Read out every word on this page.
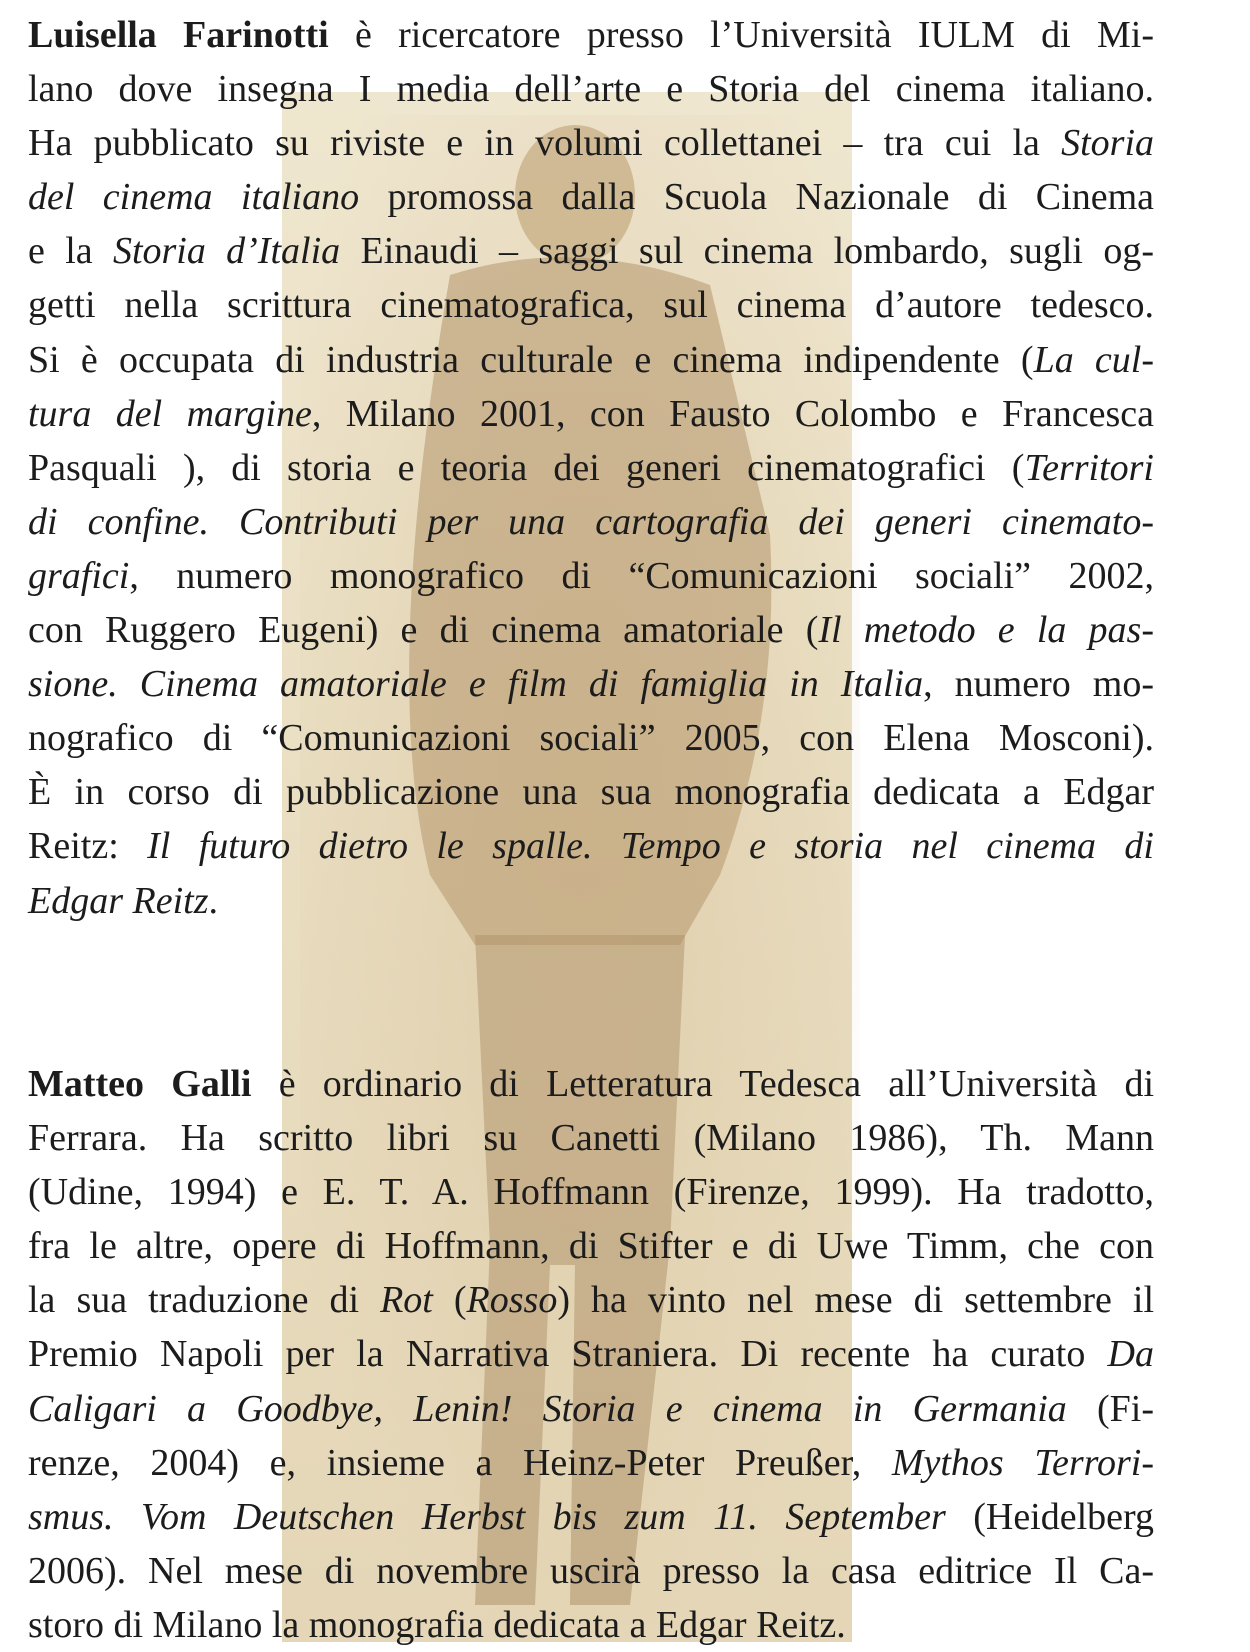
Luisella Farinotti è ricercatore presso l’Università IULM di Mi-

lano dove insegna I media dell’arte e Storia del cinema italiano.

Ha pubblicato su riviste e in volumi collettanei – tra cui la Storia

del cinema italiano promossa dalla Scuola Nazionale di Cinema

e la Storia d’Italia Einaudi – saggi sul cinema lombardo, sugli og-

getti nella scrittura cinematografica, sul cinema d’autore tedesco.

Si è occupata di industria culturale e cinema indipendente (La cul-

tura del margine, Milano 2001, con Fausto Colombo e Francesca

Pasquali ), di storia e teoria dei generi cinematografici (Territori

di confine. Contributi per una cartografia dei generi cinemato-

grafici, numero monografico di “Comunicazioni sociali” 2002,

con Ruggero Eugeni) e di cinema amatoriale (Il metodo e la pas-

sione. Cinema amatoriale e film di famiglia in Italia, numero mo-

nografico di “Comunicazioni sociali” 2005, con Elena Mosconi).

È in corso di pubblicazione una sua monografia dedicata a Edgar

Reitz: Il futuro dietro le spalle. Tempo e storia nel cinema di

Edgar Reitz.

Matteo Galli è ordinario di Letteratura Tedesca all’Università di

Ferrara. Ha scritto libri su Canetti (Milano 1986), Th. Mann

(Udine, 1994) e E. T. A. Hoffmann (Firenze, 1999). Ha tradotto,

fra le altre, opere di Hoffmann, di Stifter e di Uwe Timm, che con

la sua traduzione di Rot (Rosso) ha vinto nel mese di settembre il

Premio Napoli per la Narrativa Straniera. Di recente ha curato Da

Caligari a Goodbye, Lenin! Storia e cinema in Germania (Fi-

renze, 2004) e, insieme a Heinz-Peter Preußer, Mythos Terrori-

smus. Vom Deutschen Herbst bis zum 11. September (Heidelberg

2006). Nel mese di novembre uscirà presso la casa editrice Il Ca-

storo di Milano la monografia dedicata a Edgar Reitz.
